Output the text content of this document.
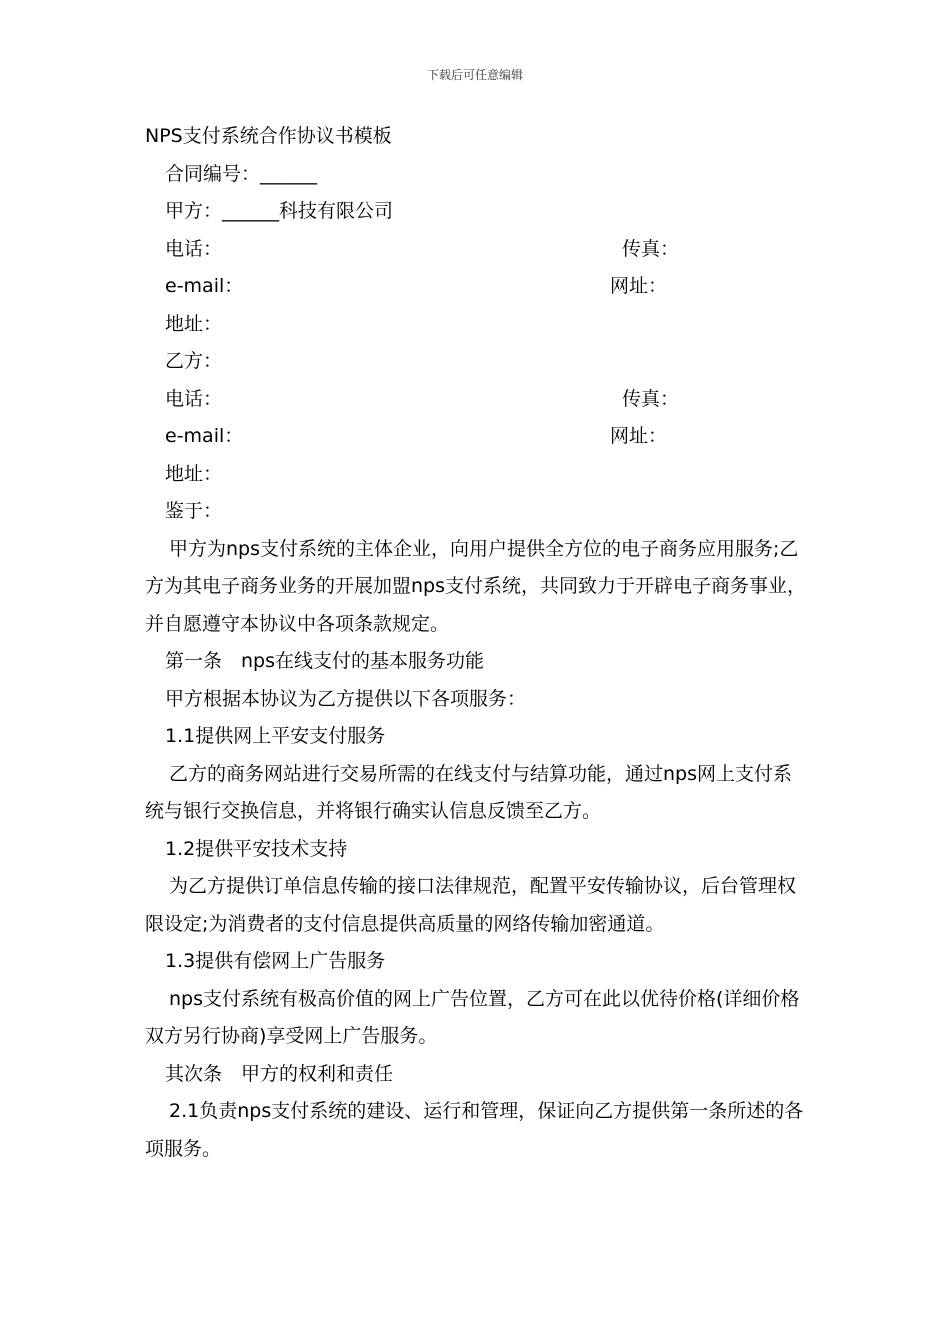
下载后可任意编辑

NPS支付系统合作协议书模板

合同编号：______

甲方：______科技有限公司

电话：	传真：
e-mail：	网址：

地址：

乙方：

电话：	传真：
e-mail：	网址：

地址：

鉴于：

甲方为nps支付系统的主体企业，向用户提供全方位的电子商务应用服务;乙方为其电子商务业务的开展加盟nps支付系统，共同致力于开辟电子商务事业，并自愿遵守本协议中各项条款规定。

第一条　nps在线支付的基本服务功能

甲方根据本协议为乙方提供以下各项服务：

1.1提供网上平安支付服务

乙方的商务网站进行交易所需的在线支付与结算功能，通过nps网上支付系统与银行交换信息，并将银行确实认信息反馈至乙方。

1.2提供平安技术支持

为乙方提供订单信息传输的接口法律规范，配置平安传输协议，后台管理权限设定;为消费者的支付信息提供高质量的网络传输加密通道。

1.3提供有偿网上广告服务

nps支付系统有极高价值的网上广告位置，乙方可在此以优待价格(详细价格双方另行协商)享受网上广告服务。

其次条　甲方的权利和责任

2.1负责nps支付系统的建设、运行和管理，保证向乙方提供第一条所述的各项服务。
